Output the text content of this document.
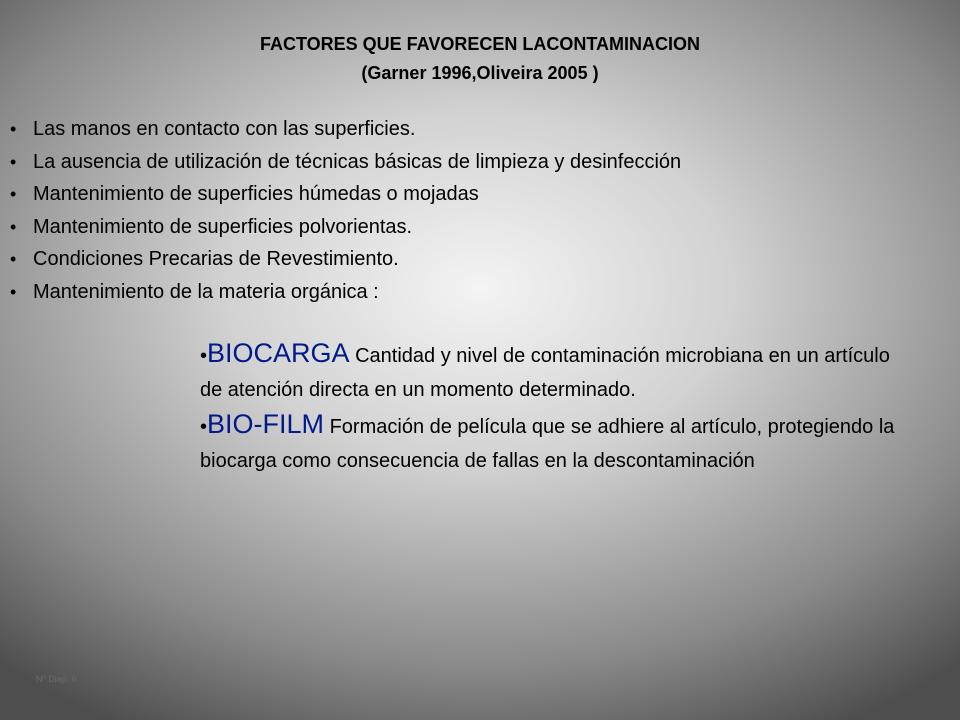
FACTORES QUE FAVORECEN LACONTAMINACION
(Garner 1996,Oliveira 2005 )
• Las manos en contacto con las superficies.
• La ausencia de utilización de técnicas básicas de limpieza y desinfección
• Mantenimiento de superficies húmedas o mojadas
• Mantenimiento de superficies polvorientas.
• Condiciones Precarias de Revestimiento.
• Mantenimiento de la materia orgánica :

•BIOCARGA Cantidad y nivel de contaminación microbiana en un artículo de atención directa en un momento determinado.

•BIO-FILM Formación de película que se adhiere al artículo, protegiendo la biocarga como consecuencia de fallas en la descontaminación

Nº Diap. 6
